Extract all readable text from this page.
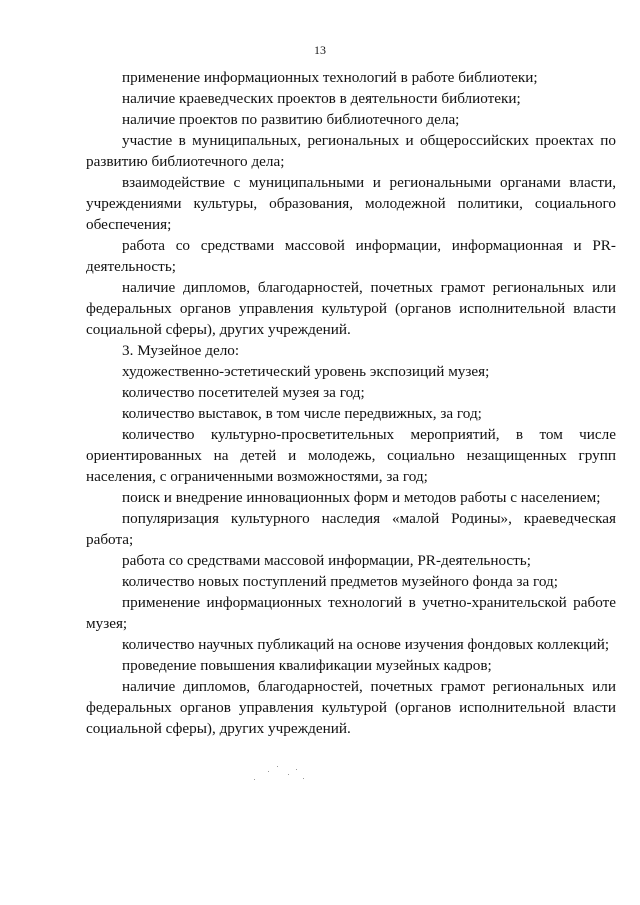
13

применение информационных технологий в работе библиотеки;

наличие краеведческих проектов в деятельности библиотеки;

наличие проектов по развитию библиотечного дела;

участие в муниципальных, региональных и общероссийских проектах по развитию библиотечного дела;

взаимодействие с муниципальными и региональными органами власти, учреждениями культуры, образования, молодежной политики, социального обеспечения;

работа со средствами массовой информации, информационная и PR-деятельность;

наличие дипломов, благодарностей, почетных грамот региональных или федеральных органов управления культурой (органов исполнительной власти социальной сферы), других учреждений.

3. Музейное дело:

художественно-эстетический уровень экспозиций музея;

количество посетителей музея за год;

количество выставок, в том числе передвижных, за год;

количество культурно-просветительных мероприятий, в том числе ориентированных на детей и молодежь, социально незащищенных групп населения, с ограниченными возможностями, за год;

поиск и внедрение инновационных форм и методов работы с населением;

популяризация культурного наследия «малой Родины», краеведческая работа;

работа со средствами массовой информации, PR-деятельность;

количество новых поступлений предметов музейного фонда за год;

применение информационных технологий в учетно-хранительской работе музея;

количество научных публикаций на основе изучения фондовых коллекций;

проведение повышения квалификации музейных кадров;

наличие дипломов, благодарностей, почетных грамот региональных или федеральных органов управления культурой (органов исполнительной власти социальной сферы), других учреждений.
